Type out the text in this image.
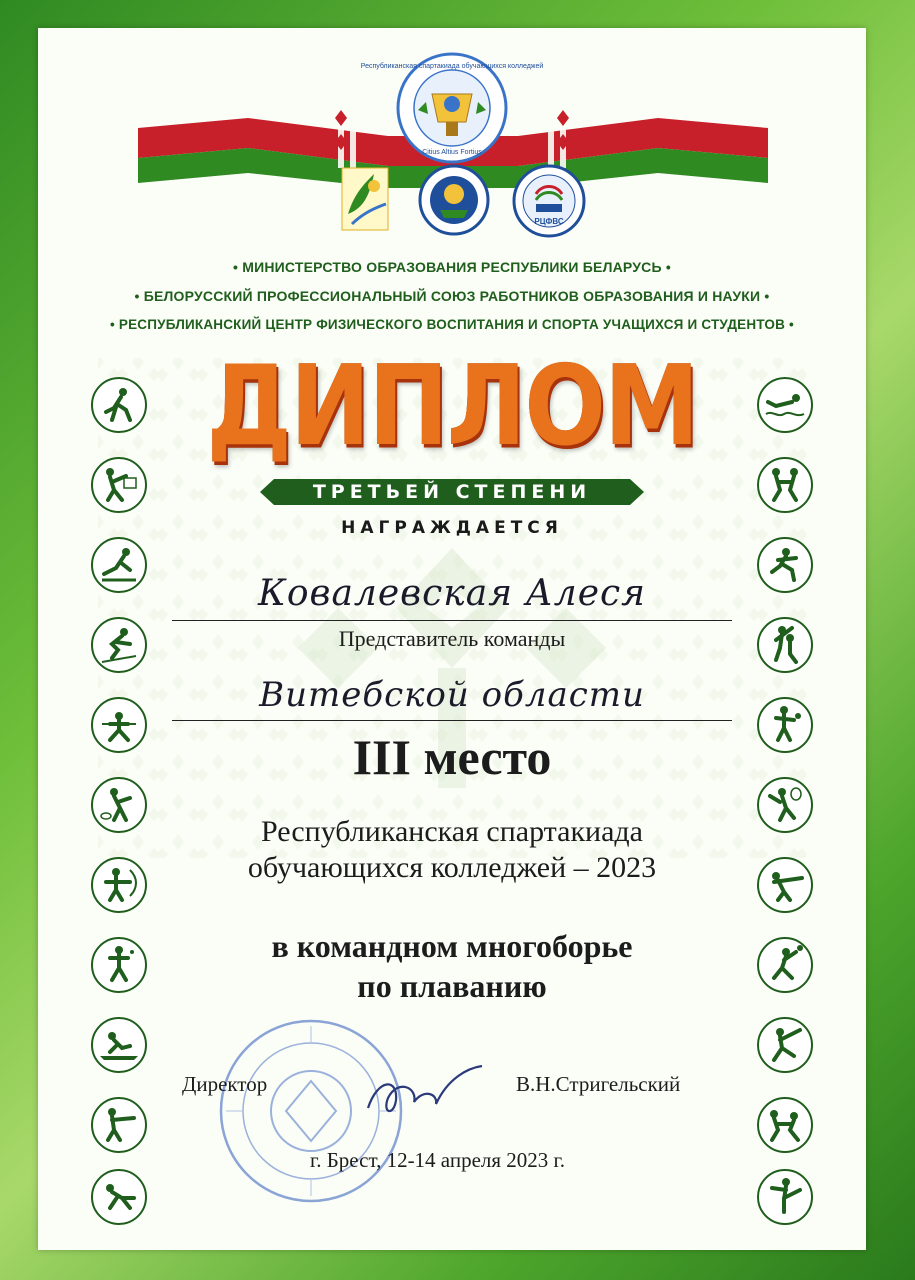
Республиканская спартакиада обучающихся колледжей
Citius Altius Fortius
РЦФВС
• МИНИСТЕРСТВО ОБРАЗОВАНИЯ РЕСПУБЛИКИ БЕЛАРУСЬ •
• БЕЛОРУССКИЙ ПРОФЕССИОНАЛЬНЫЙ СОЮЗ РАБОТНИКОВ ОБРАЗОВАНИЯ И НАУКИ •
• РЕСПУБЛИКАНСКИЙ ЦЕНТР ФИЗИЧЕСКОГО ВОСПИТАНИЯ И СПОРТА УЧАЩИХСЯ И СТУДЕНТОВ •
ДИПЛОМ
ТРЕТЬЕЙ СТЕПЕНИ
НАГРАЖДАЕТСЯ
Ковалевская Алеся
Представитель команды
Витебской области
III место
Республиканская спартакиада
обучающихся колледжей – 2023
в командном многоборье
по плаванию
Директор	В.Н.Стригельский
г. Брест, 12-14 апреля 2023 г.
